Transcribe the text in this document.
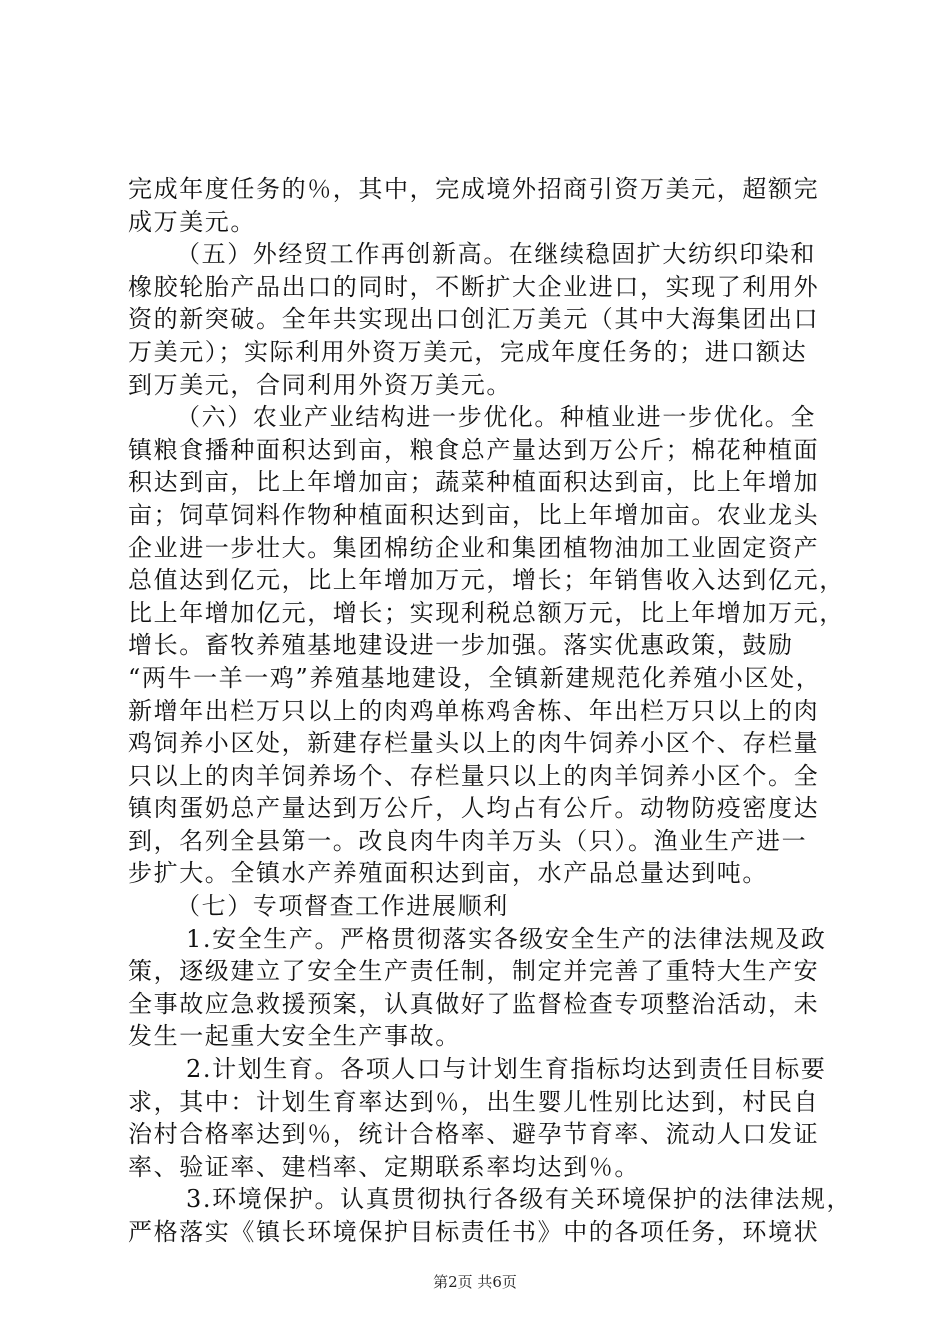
完成年度任务的％，其中，完成境外招商引资万美元，超额完
成万美元。
（五）外经贸工作再创新高。在继续稳固扩大纺织印染和
橡胶轮胎产品出口的同时，不断扩大企业进口，实现了利用外
资的新突破。全年共实现出口创汇万美元（其中大海集团出口
万美元）；实际利用外资万美元，完成年度任务的；进口额达
到万美元，合同利用外资万美元。
（六）农业产业结构进一步优化。种植业进一步优化。全
镇粮食播种面积达到亩，粮食总产量达到万公斤；棉花种植面
积达到亩，比上年增加亩；蔬菜种植面积达到亩，比上年增加
亩；饲草饲料作物种植面积达到亩，比上年增加亩。农业龙头
企业进一步壮大。集团棉纺企业和集团植物油加工业固定资产
总值达到亿元，比上年增加万元，增长；年销售收入达到亿元，
比上年增加亿元，增长；实现利税总额万元，比上年增加万元，
增长。畜牧养殖基地建设进一步加强。落实优惠政策，鼓励
“两牛一羊一鸡”养殖基地建设，全镇新建规范化养殖小区处，
新增年出栏万只以上的肉鸡单栋鸡舍栋、年出栏万只以上的肉
鸡饲养小区处，新建存栏量头以上的肉牛饲养小区个、存栏量
只以上的肉羊饲养场个、存栏量只以上的肉羊饲养小区个。全
镇肉蛋奶总产量达到万公斤，人均占有公斤。动物防疫密度达
到，名列全县第一。改良肉牛肉羊万头（只）。渔业生产进一
步扩大。全镇水产养殖面积达到亩，水产品总量达到吨。
（七）专项督查工作进展顺利
1.安全生产。严格贯彻落实各级安全生产的法律法规及政
策，逐级建立了安全生产责任制，制定并完善了重特大生产安
全事故应急救援预案，认真做好了监督检查专项整治活动，未
发生一起重大安全生产事故。
2.计划生育。各项人口与计划生育指标均达到责任目标要
求，其中：计划生育率达到％，出生婴儿性别比达到，村民自
治村合格率达到％，统计合格率、避孕节育率、流动人口发证
率、验证率、建档率、定期联系率均达到％。
3.环境保护。认真贯彻执行各级有关环境保护的法律法规，
严格落实《镇长环境保护目标责任书》中的各项任务，环境状
第2页 共6页
